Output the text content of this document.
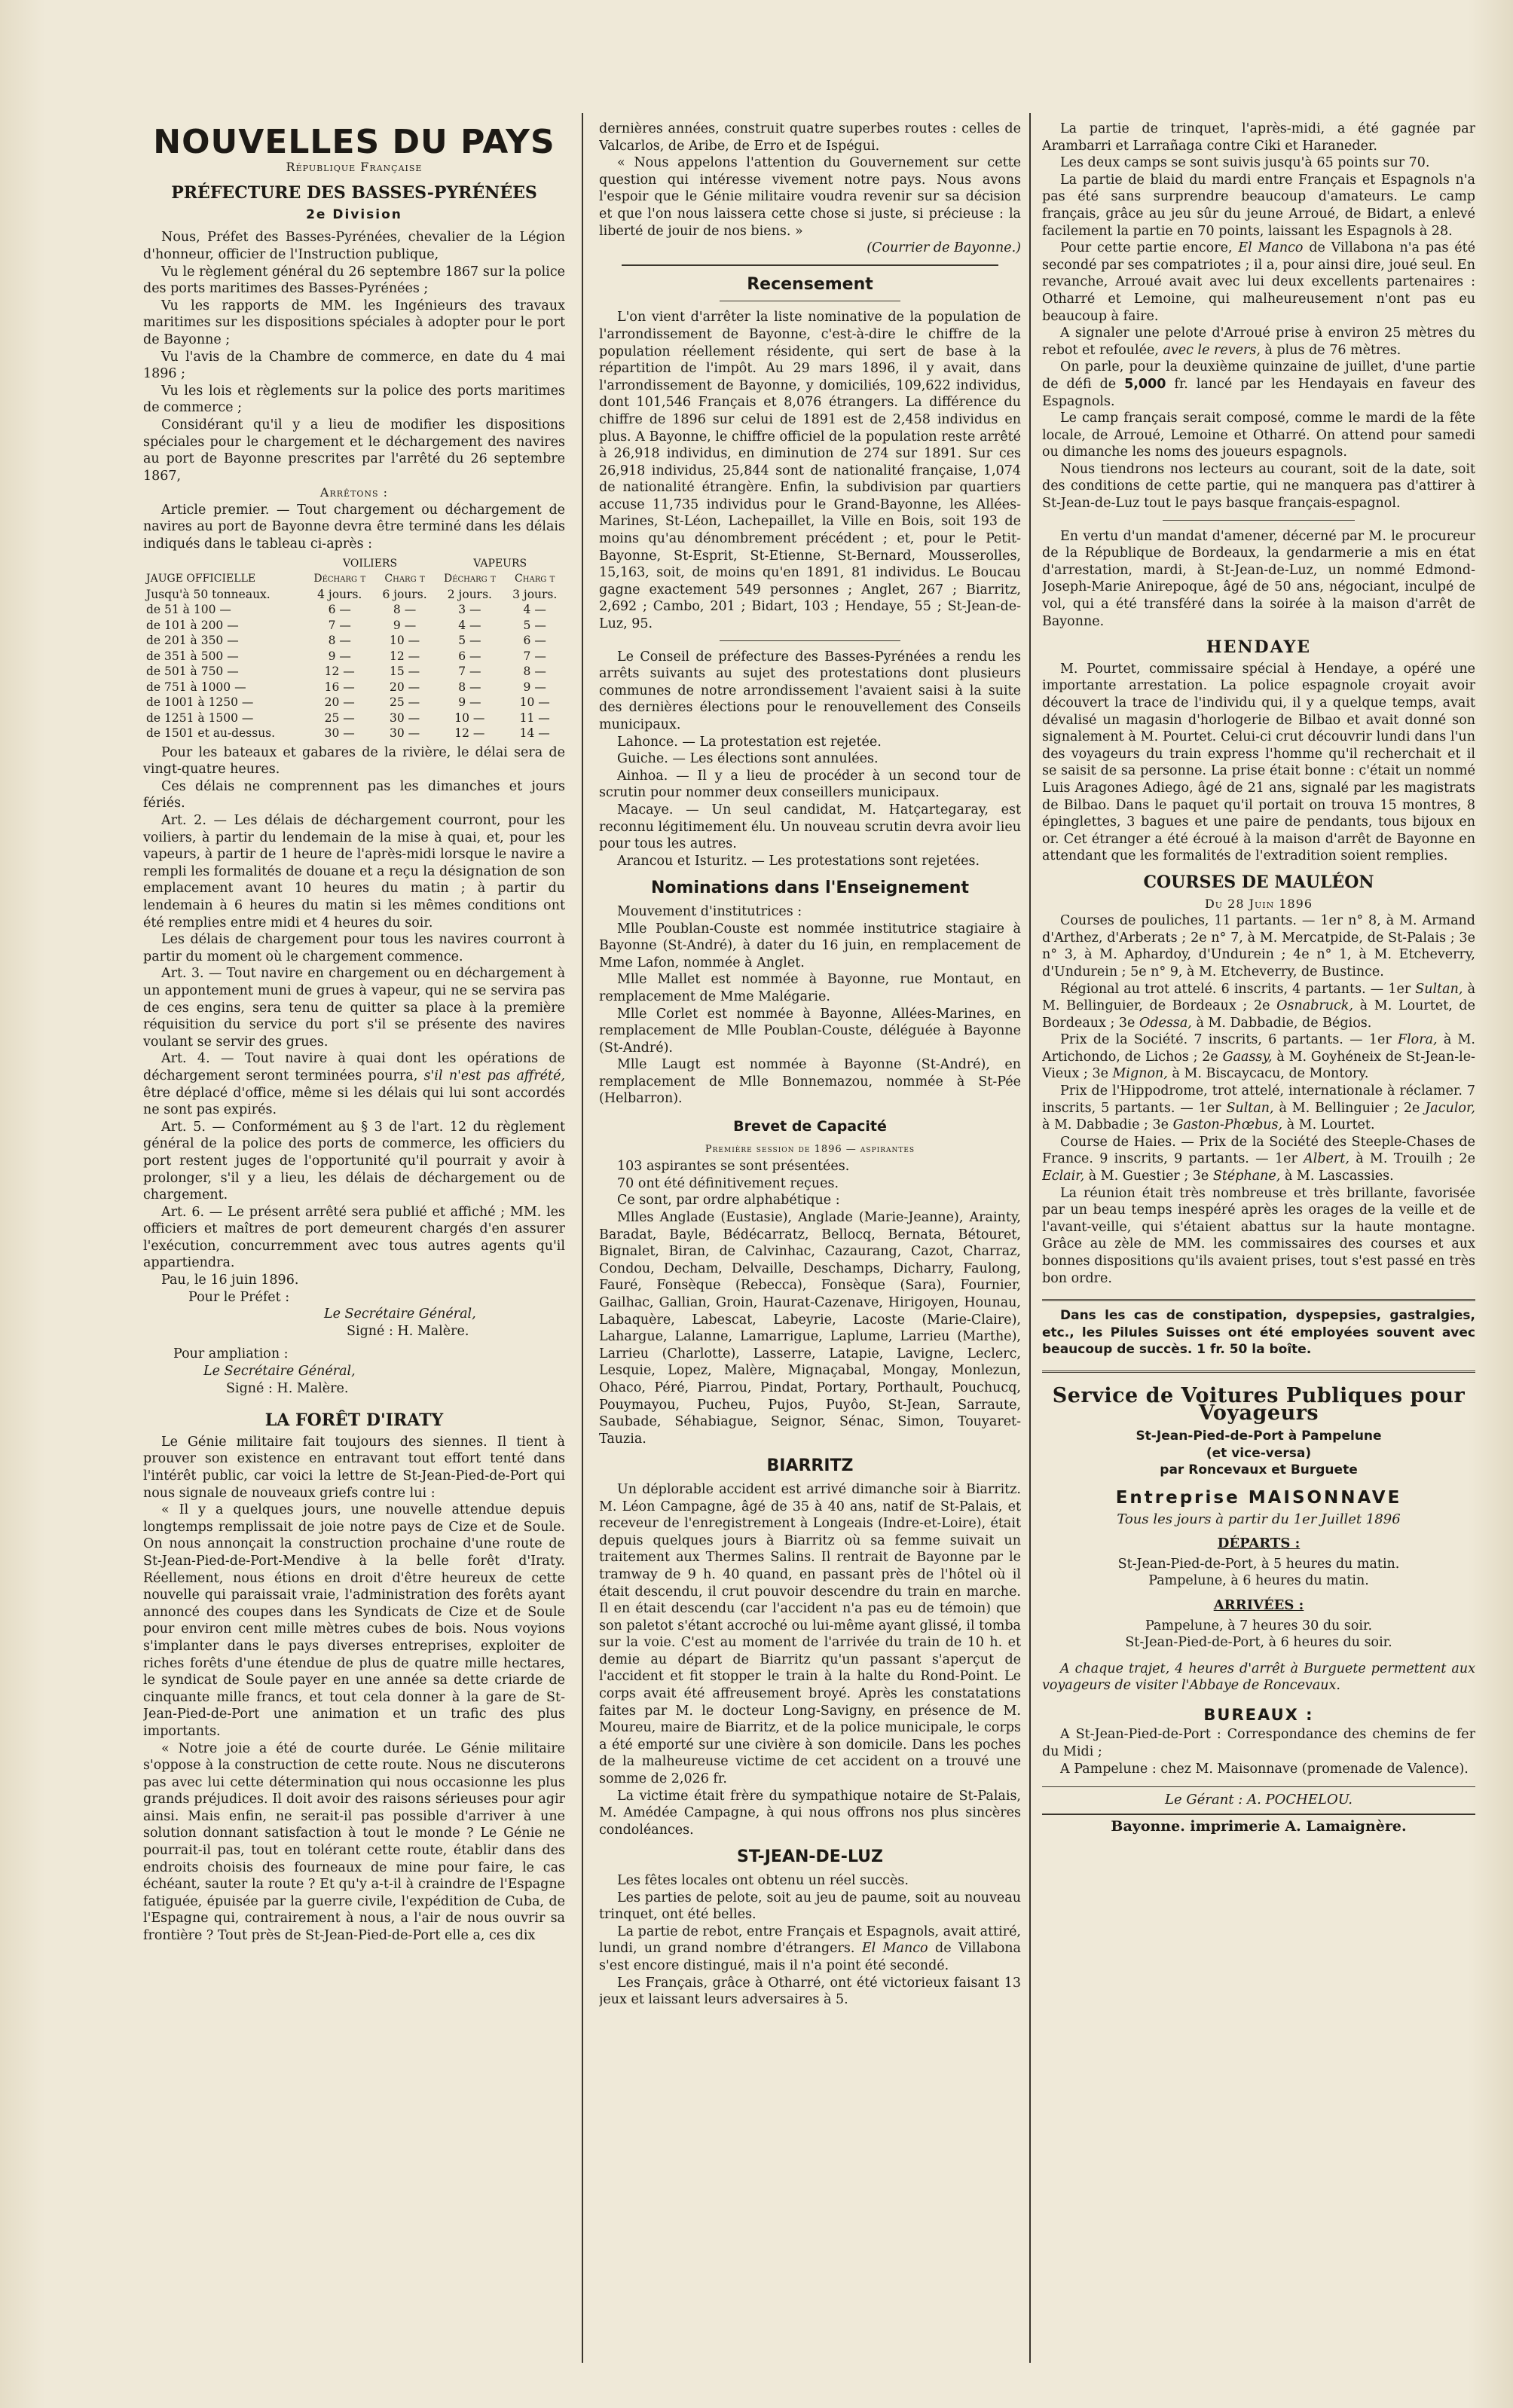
NOUVELLES DU PAYS

République Française

PRÉFECTURE DES BASSES-PYRÉNÉES
2e Division

Nous, Préfet des Basses-Pyrénées, chevalier de la Légion d'honneur, officier de l'Instruction publique,

Vu le règlement général du 26 septembre 1867 sur la police des ports maritimes des Basses-Pyrénées ;

Vu les rapports de MM. les Ingénieurs des travaux maritimes sur les dispositions spéciales à adopter pour le port de Bayonne ;

Vu l'avis de la Chambre de commerce, en date du 4 mai 1896 ;

Vu les lois et règlements sur la police des ports maritimes de commerce ;

Considérant qu'il y a lieu de modifier les dispositions spéciales pour le chargement et le déchargement des navires au port de Bayonne prescrites par l'arrêté du 26 septembre 1867,

Arrêtons :

Article premier. — Tout chargement ou déchargement de navires au port de Bayonne devra être terminé dans les délais indiqués dans le tableau ci-après :

	VOILIERS		VAPEURS	
JAUGE OFFICIELLE	Décharg t	Charg t	Décharg t	Charg t
Jusqu'à 50 tonneaux.	4 jours.	6 jours.	2 jours.	3 jours.
de 51 à 100 —	6 —	8 —	3 —	4 —
de 101 à 200 —	7 —	9 —	4 —	5 —
de 201 à 350 —	8 —	10 —	5 —	6 —
de 351 à 500 —	9 —	12 —	6 —	7 —
de 501 à 750 —	12 —	15 —	7 —	8 —
de 751 à 1000 —	16 —	20 —	8 —	9 —
de 1001 à 1250 —	20 —	25 —	9 —	10 —
de 1251 à 1500 —	25 —	30 —	10 —	11 —
de 1501 et au-dessus.	30 —	30 —	12 —	14 —

Pour les bateaux et gabares de la rivière, le délai sera de vingt-quatre heures.

Ces délais ne comprennent pas les dimanches et jours fériés.

Art. 2. — Les délais de déchargement courront, pour les voiliers, à partir du lendemain de la mise à quai, et, pour les vapeurs, à partir de 1 heure de l'après-midi lorsque le navire a rempli les formalités de douane et a reçu la désignation de son emplacement avant 10 heures du matin ; à partir du lendemain à 6 heures du matin si les mêmes conditions ont été remplies entre midi et 4 heures du soir.

Les délais de chargement pour tous les navires courront à partir du moment où le chargement commence.

Art. 3. — Tout navire en chargement ou en déchargement à un appontement muni de grues à vapeur, qui ne se servira pas de ces engins, sera tenu de quitter sa place à la première réquisition du service du port s'il se présente des navires voulant se servir des grues.

Art. 4. — Tout navire à quai dont les opérations de déchargement seront terminées pourra, s'il n'est pas affrété, être déplacé d'office, même si les délais qui lui sont accordés ne sont pas expirés.

Art. 5. — Conformément au § 3 de l'art. 12 du règlement général de la police des ports de commerce, les officiers du port restent juges de l'opportunité qu'il pourrait y avoir à prolonger, s'il y a lieu, les délais de déchargement ou de chargement.

Art. 6. — Le présent arrêté sera publié et affiché ; MM. les officiers et maîtres de port demeurent chargés d'en assurer l'exécution, concurremment avec tous autres agents qu'il appartiendra.

Pau, le 16 juin 1896.

Pour le Préfet :

Le Secrétaire Général,

Signé : H. Malère.

Pour ampliation :

Le Secrétaire Général,

Signé : H. Malère.

LA FORÊT D'IRATY

Le Génie militaire fait toujours des siennes. Il tient à prouver son existence en entravant tout effort tenté dans l'intérêt public, car voici la lettre de St-Jean-Pied-de-Port qui nous signale de nouveaux griefs contre lui :

« Il y a quelques jours, une nouvelle attendue depuis longtemps remplissait de joie notre pays de Cize et de Soule. On nous annonçait la construction prochaine d'une route de St-Jean-Pied-de-Port-Mendive à la belle forêt d'Iraty. Réellement, nous étions en droit d'être heureux de cette nouvelle qui paraissait vraie, l'administration des forêts ayant annoncé des coupes dans les Syndicats de Cize et de Soule pour environ cent mille mètres cubes de bois. Nous voyions s'implanter dans le pays diverses entreprises, exploiter de riches forêts d'une étendue de plus de quatre mille hectares, le syndicat de Soule payer en une année sa dette criarde de cinquante mille francs, et tout cela donner à la gare de St-Jean-Pied-de-Port une animation et un trafic des plus importants.

« Notre joie a été de courte durée. Le Génie militaire s'oppose à la construction de cette route. Nous ne discuterons pas avec lui cette détermination qui nous occasionne les plus grands préjudices. Il doit avoir des raisons sérieuses pour agir ainsi. Mais enfin, ne serait-il pas possible d'arriver à une solution donnant satisfaction à tout le monde ? Le Génie ne pourrait-il pas, tout en tolérant cette route, établir dans des endroits choisis des fourneaux de mine pour faire, le cas échéant, sauter la route ? Et qu'y a-t-il à craindre de l'Espagne fatiguée, épuisée par la guerre civile, l'expédition de Cuba, de l'Espagne qui, contrairement à nous, a l'air de nous ouvrir sa frontière ? Tout près de St-Jean-Pied-de-Port elle a, ces dix

dernières années, construit quatre superbes routes : celles de Valcarlos, de Aribe, de Erro et de Ispégui.

« Nous appelons l'attention du Gouvernement sur cette question qui intéresse vivement notre pays. Nous avons l'espoir que le Génie militaire voudra revenir sur sa décision et que l'on nous laissera cette chose si juste, si précieuse : la liberté de jouir de nos biens. »

(Courrier de Bayonne.)

Recensement

L'on vient d'arrêter la liste nominative de la population de l'arrondissement de Bayonne, c'est-à-dire le chiffre de la population réellement résidente, qui sert de base à la répartition de l'impôt. Au 29 mars 1896, il y avait, dans l'arrondissement de Bayonne, y domiciliés, 109,622 individus, dont 101,546 Français et 8,076 étrangers. La différence du chiffre de 1896 sur celui de 1891 est de 2,458 individus en plus. A Bayonne, le chiffre officiel de la population reste arrêté à 26,918 individus, en diminution de 274 sur 1891. Sur ces 26,918 individus, 25,844 sont de nationalité française, 1,074 de nationalité étrangère. Enfin, la subdivision par quartiers accuse 11,735 individus pour le Grand-Bayonne, les Allées-Marines, St-Léon, Lachepaillet, la Ville en Bois, soit 193 de moins qu'au dénombrement précédent ; et, pour le Petit-Bayonne, St-Esprit, St-Etienne, St-Bernard, Mousserolles, 15,163, soit, de moins qu'en 1891, 81 individus. Le Boucau gagne exactement 549 personnes ; Anglet, 267 ; Biarritz, 2,692 ; Cambo, 201 ; Bidart, 103 ; Hendaye, 55 ; St-Jean-de-Luz, 95.

Le Conseil de préfecture des Basses-Pyrénées a rendu les arrêts suivants au sujet des protestations dont plusieurs communes de notre arrondissement l'avaient saisi à la suite des dernières élections pour le renouvellement des Conseils municipaux.

Lahonce. — La protestation est rejetée.

Guiche. — Les élections sont annulées.

Ainhoa. — Il y a lieu de procéder à un second tour de scrutin pour nommer deux conseillers municipaux.

Macaye. — Un seul candidat, M. Hatçartegaray, est reconnu légitimement élu. Un nouveau scrutin devra avoir lieu pour tous les autres.

Arancou et Isturitz. — Les protestations sont rejetées.

Nominations dans l'Enseignement

Mouvement d'institutrices :

Mlle Poublan-Couste est nommée institutrice stagiaire à Bayonne (St-André), à dater du 16 juin, en remplacement de Mme Lafon, nommée à Anglet.

Mlle Mallet est nommée à Bayonne, rue Montaut, en remplacement de Mme Malégarie.

Mlle Corlet est nommée à Bayonne, Allées-Marines, en remplacement de Mlle Poublan-Couste, déléguée à Bayonne (St-André).

Mlle Laugt est nommée à Bayonne (St-André), en remplacement de Mlle Bonnemazou, nommée à St-Pée (Helbarron).

Brevet de Capacité

Première session de 1896 — aspirantes

103 aspirantes se sont présentées.

70 ont été définitivement reçues.

Ce sont, par ordre alphabétique :

Mlles Anglade (Eustasie), Anglade (Marie-Jeanne), Arainty, Baradat, Bayle, Bédécarratz, Bellocq, Bernata, Bétouret, Bignalet, Biran, de Calvinhac, Cazaurang, Cazot, Charraz, Condou, Decham, Delvaille, Deschamps, Dicharry, Faulong, Fauré, Fonsèque (Rebecca), Fonsèque (Sara), Fournier, Gailhac, Gallian, Groin, Haurat-Cazenave, Hirigoyen, Hounau, Labaquère, Labescat, Labeyrie, Lacoste (Marie-Claire), Lahargue, Lalanne, Lamarrigue, Laplume, Larrieu (Marthe), Larrieu (Charlotte), Lasserre, Latapie, Lavigne, Leclerc, Lesquie, Lopez, Malère, Mignaçabal, Mongay, Monlezun, Ohaco, Péré, Piarrou, Pindat, Portary, Porthault, Pouchucq, Pouymayou, Pucheu, Pujos, Puyôo, St-Jean, Sarraute, Saubade, Séhabiague, Seignor, Sénac, Simon, Touyaret-Tauzia.

BIARRITZ

Un déplorable accident est arrivé dimanche soir à Biarritz. M. Léon Campagne, âgé de 35 à 40 ans, natif de St-Palais, et receveur de l'enregistrement à Longeais (Indre-et-Loire), était depuis quelques jours à Biarritz où sa femme suivait un traitement aux Thermes Salins. Il rentrait de Bayonne par le tramway de 9 h. 40 quand, en passant près de l'hôtel où il était descendu, il crut pouvoir descendre du train en marche. Il en était descendu (car l'accident n'a pas eu de témoin) que son paletot s'étant accroché ou lui-même ayant glissé, il tomba sur la voie. C'est au moment de l'arrivée du train de 10 h. et demie au départ de Biarritz qu'un passant s'aperçut de l'accident et fit stopper le train à la halte du Rond-Point. Le corps avait été affreusement broyé. Après les constatations faites par M. le docteur Long-Savigny, en présence de M. Moureu, maire de Biarritz, et de la police municipale, le corps a été emporté sur une civière à son domicile. Dans les poches de la malheureuse victime de cet accident on a trouvé une somme de 2,026 fr.

La victime était frère du sympathique notaire de St-Palais, M. Amédée Campagne, à qui nous offrons nos plus sincères condoléances.

ST-JEAN-DE-LUZ

Les fêtes locales ont obtenu un réel succès.

Les parties de pelote, soit au jeu de paume, soit au nouveau trinquet, ont été belles.

La partie de rebot, entre Français et Espagnols, avait attiré, lundi, un grand nombre d'étrangers. El Manco de Villabona s'est encore distingué, mais il n'a point été secondé.

Les Français, grâce à Otharré, ont été victorieux faisant 13 jeux et laissant leurs adversaires à 5.

La partie de trinquet, l'après-midi, a été gagnée par Arambarri et Larrañaga contre Ciki et Haraneder.

Les deux camps se sont suivis jusqu'à 65 points sur 70.

La partie de blaid du mardi entre Français et Espagnols n'a pas été sans surprendre beaucoup d'amateurs. Le camp français, grâce au jeu sûr du jeune Arroué, de Bidart, a enlevé facilement la partie en 70 points, laissant les Espagnols à 28.

Pour cette partie encore, El Manco de Villabona n'a pas été secondé par ses compatriotes ; il a, pour ainsi dire, joué seul. En revanche, Arroué avait avec lui deux excellents partenaires : Otharré et Lemoine, qui malheureusement n'ont pas eu beaucoup à faire.

A signaler une pelote d'Arroué prise à environ 25 mètres du rebot et refoulée, avec le revers, à plus de 76 mètres.

On parle, pour la deuxième quinzaine de juillet, d'une partie de défi de 5,000 fr. lancé par les Hendayais en faveur des Espagnols.

Le camp français serait composé, comme le mardi de la fête locale, de Arroué, Lemoine et Otharré. On attend pour samedi ou dimanche les noms des joueurs espagnols.

Nous tiendrons nos lecteurs au courant, soit de la date, soit des conditions de cette partie, qui ne manquera pas d'attirer à St-Jean-de-Luz tout le pays basque français-espagnol.

En vertu d'un mandat d'amener, décerné par M. le procureur de la République de Bordeaux, la gendarmerie a mis en état d'arrestation, mardi, à St-Jean-de-Luz, un nommé Edmond-Joseph-Marie Anirepoque, âgé de 50 ans, négociant, inculpé de vol, qui a été transféré dans la soirée à la maison d'arrêt de Bayonne.

HENDAYE

M. Pourtet, commissaire spécial à Hendaye, a opéré une importante arrestation. La police espagnole croyait avoir découvert la trace de l'individu qui, il y a quelque temps, avait dévalisé un magasin d'horlogerie de Bilbao et avait donné son signalement à M. Pourtet. Celui-ci crut découvrir lundi dans l'un des voyageurs du train express l'homme qu'il recherchait et il se saisit de sa personne. La prise était bonne : c'était un nommé Luis Aragones Adiego, âgé de 21 ans, signalé par les magistrats de Bilbao. Dans le paquet qu'il portait on trouva 15 montres, 8 épinglettes, 3 bagues et une paire de pendants, tous bijoux en or. Cet étranger a été écroué à la maison d'arrêt de Bayonne en attendant que les formalités de l'extradition soient remplies.

COURSES DE MAULÉON

Du 28 Juin 1896

Courses de pouliches, 11 partants. — 1er n° 8, à M. Armand d'Arthez, d'Arberats ; 2e n° 7, à M. Mercatpide, de St-Palais ; 3e n° 3, à M. Aphardoy, d'Undurein ; 4e n° 1, à M. Etcheverry, d'Undurein ; 5e n° 9, à M. Etcheverry, de Bustince.

Régional au trot attelé. 6 inscrits, 4 partants. — 1er Sultan, à M. Bellinguier, de Bordeaux ; 2e Osnabruck, à M. Lourtet, de Bordeaux ; 3e Odessa, à M. Dabbadie, de Bégios.

Prix de la Société. 7 inscrits, 6 partants. — 1er Flora, à M. Artichondo, de Lichos ; 2e Gaassy, à M. Goyhéneix de St-Jean-le-Vieux ; 3e Mignon, à M. Biscaycacu, de Montory.

Prix de l'Hippodrome, trot attelé, internationale à réclamer. 7 inscrits, 5 partants. — 1er Sultan, à M. Bellinguier ; 2e Jaculor, à M. Dabbadie ; 3e Gaston-Phœbus, à M. Lourtet.

Course de Haies. — Prix de la Société des Steeple-Chases de France. 9 inscrits, 9 partants. — 1er Albert, à M. Trouilh ; 2e Eclair, à M. Guestier ; 3e Stéphane, à M. Lascassies.

La réunion était très nombreuse et très brillante, favorisée par un beau temps inespéré après les orages de la veille et de l'avant-veille, qui s'étaient abattus sur la haute montagne. Grâce au zèle de MM. les commissaires des courses et aux bonnes dispositions qu'ils avaient prises, tout s'est passé en très bon ordre.

Dans les cas de constipation, dyspepsies, gastralgies, etc., les Pilules Suisses ont été employées souvent avec beaucoup de succès. 1 fr. 50 la boîte.

Service de Voitures Publiques pour Voyageurs
St-Jean-Pied-de-Port à Pampelune
(et vice-versa)
par Roncevaux et Burguete
Entreprise MAISONNAVE
Tous les jours à partir du 1er Juillet 1896
DÉPARTS :
St-Jean-Pied-de-Port, à 5 heures du matin.
Pampelune, à 6 heures du matin.
ARRIVÉES :
Pampelune, à 7 heures 30 du soir.
St-Jean-Pied-de-Port, à 6 heures du soir.

A chaque trajet, 4 heures d'arrêt à Burguete permettent aux voyageurs de visiter l'Abbaye de Roncevaux.

BUREAUX :

A St-Jean-Pied-de-Port : Correspondance des chemins de fer du Midi ;

A Pampelune : chez M. Maisonnave (promenade de Valence).

Le Gérant : A. POCHELOU.

Bayonne. imprimerie A. Lamaignère.
